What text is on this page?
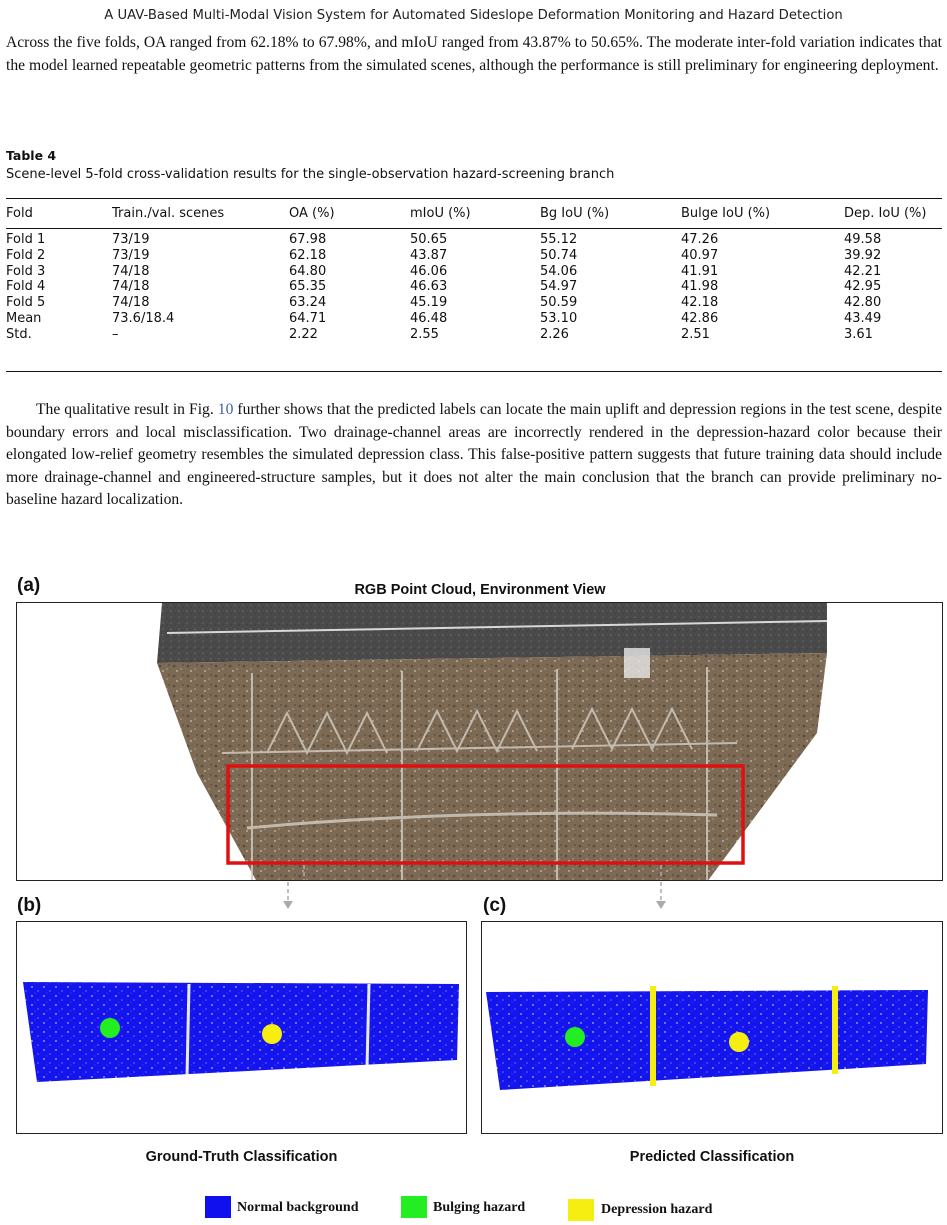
A UAV-Based Multi-Modal Vision System for Automated Sideslope Deformation Monitoring and Hazard Detection

Across the five folds, OA ranged from 62.18% to 67.98%, and mIoU ranged from 43.87% to 50.65%. The moderate inter-fold variation indicates that the model learned repeatable geometric patterns from the simulated scenes, although the performance is still preliminary for engineering deployment.

Table 4
Scene-level 5-fold cross-validation results for the single-observation hazard-screening branch
Fold	Train./val. scenes	OA (%)	mIoU (%)	Bg IoU (%)	Bulge IoU (%)	Dep. IoU (%)
Fold 1	73/19	67.98	50.65	55.12	47.26	49.58
Fold 2	73/19	62.18	43.87	50.74	40.97	39.92
Fold 3	74/18	64.80	46.06	54.06	41.91	42.21
Fold 4	74/18	65.35	46.63	54.97	41.98	42.95
Fold 5	74/18	63.24	45.19	50.59	42.18	42.80
Mean	73.6/18.4	64.71	46.48	53.10	42.86	43.49
Std.	–	2.22	2.55	2.26	2.51	3.61

The qualitative result in Fig. 10 further shows that the predicted labels can locate the main uplift and depression regions in the test scene, despite boundary errors and local misclassification. Two drainage-channel areas are incorrectly rendered in the depression-hazard color because their elongated low-relief geometry resembles the simulated depression class. This false-positive pattern suggests that future training data should include more drainage-channel and engineered-structure samples, but it does not alter the main conclusion that the branch can provide preliminary no-baseline hazard localization.

(a)	RGB Point Cloud, Environment View
(b)	(c)
Ground-Truth Classification	Predicted Classification
Normal background	Bulging hazard	Depression hazard
